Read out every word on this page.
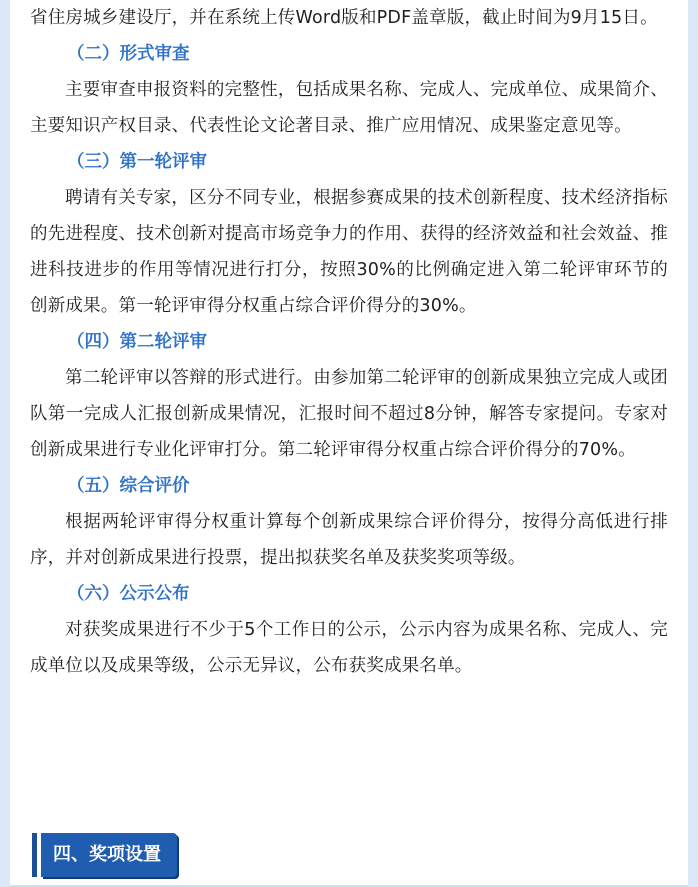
省住房城乡建设厅，并在系统上传Word版和PDF盖章版，截止时间为9月15日。

（二）形式审查

主要审查申报资料的完整性，包括成果名称、完成人、完成单位、成果简介、主要知识产权目录、代表性论文论著目录、推广应用情况、成果鉴定意见等。

（三）第一轮评审

聘请有关专家，区分不同专业，根据参赛成果的技术创新程度、技术经济指标的先进程度、技术创新对提高市场竞争力的作用、获得的经济效益和社会效益、推进科技进步的作用等情况进行打分，按照30%的比例确定进入第二轮评审环节的创新成果。第一轮评审得分权重占综合评价得分的30%。

（四）第二轮评审

第二轮评审以答辩的形式进行。由参加第二轮评审的创新成果独立完成人或团队第一完成人汇报创新成果情况，汇报时间不超过8分钟，解答专家提问。专家对创新成果进行专业化评审打分。第二轮评审得分权重占综合评价得分的70%。

（五）综合评价

根据两轮评审得分权重计算每个创新成果综合评价得分，按得分高低进行排序，并对创新成果进行投票，提出拟获奖名单及获奖奖项等级。

（六）公示公布

对获奖成果进行不少于5个工作日的公示，公示内容为成果名称、完成人、完成单位以及成果等级，公示无异议，公布获奖成果名单。

四、奖项设置
